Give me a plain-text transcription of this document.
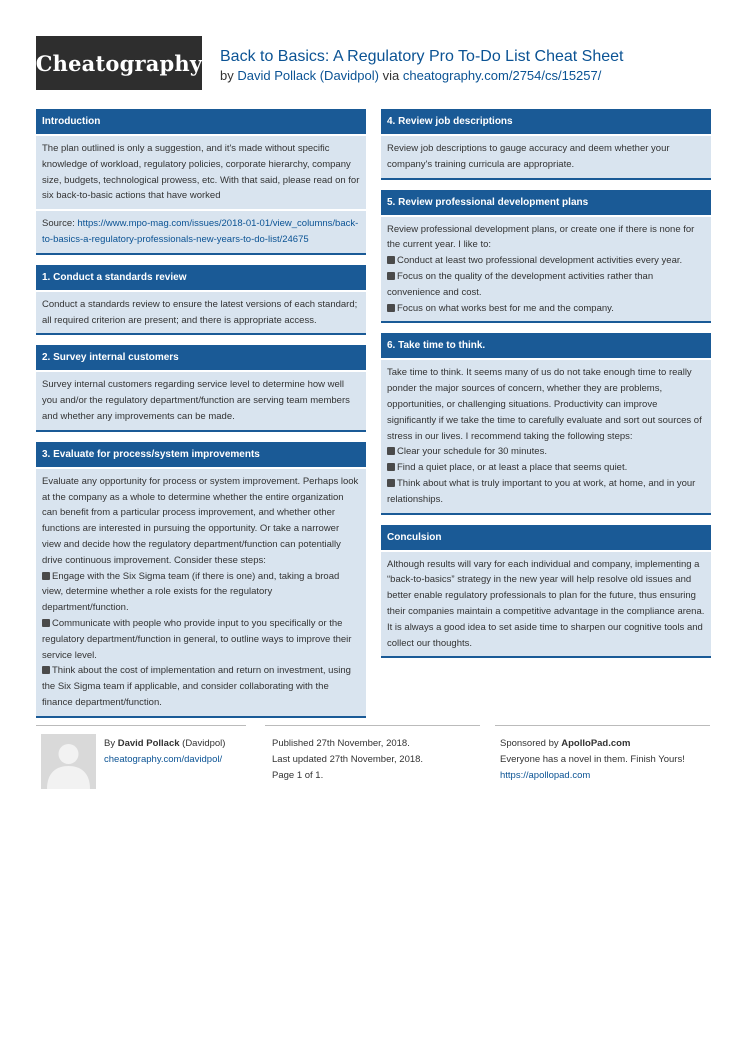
Cheatography Back to Basics: A Regulatory Pro To-Do List Cheat Sheet
by David Pollack (Davidpol) via cheatography.com/2754/cs/15257/
Introduction
The plan outlined is only a suggestion, and it's made without specific knowledge of workload, regulatory policies, corporate hierarchy, company size, budgets, technological prowess, etc. With that said, please read on for six back-to-basic actions that have worked
Source: https://www.mpo-mag.com/issues/2018-01-01/view_columns/back-to-basics-a-regulatory-professionals-new-years-to-do-list/24675
1. Conduct a standards review
Conduct a standards review to ensure the latest versions of each standard; all required criterion are present; and there is appropriate access.
2. Survey internal customers
Survey internal customers regarding service level to determine how well you and/or the regulatory department/function are serving team members and whether any improvements can be made.
3. Evaluate for process/system improvements
Evaluate any opportunity for process or system improvement. Perhaps look at the company as a whole to determine whether the entire organization can benefit from a particular process improvement, and whether other functions are interested in pursuing the opportunity. Or take a narrower view and decide how the regulatory department/function can potentially drive continuous improvement. Consider these steps:
Engage with the Six Sigma team (if there is one) and, taking a broad view, determine whether a role exists for the regulatory department/function.
Communicate with people who provide input to you specifically or the regulatory department/function in general, to outline ways to improve their service level.
Think about the cost of implementation and return on investment, using the Six Sigma team if applicable, and consider collaborating with the finance department/function.
4. Review job descriptions
Review job descriptions to gauge accuracy and deem whether your company's training curricula are appropriate.
5. Review professional development plans
Review professional development plans, or create one if there is none for the current year. I like to:
Conduct at least two professional development activities every year.
Focus on the quality of the development activities rather than convenience and cost.
Focus on what works best for me and the company.
6. Take time to think.
Take time to think. It seems many of us do not take enough time to really ponder the major sources of concern, whether they are problems, opportunities, or challenging situations. Productivity can improve significantly if we take the time to carefully evaluate and sort out sources of stress in our lives. I recommend taking the following steps:
Clear your schedule for 30 minutes.
Find a quiet place, or at least a place that seems quiet.
Think about what is truly important to you at work, at home, and in your relationships.
Conculsion
Although results will vary for each individual and company, implementing a “back-to-basics” strategy in the new year will help resolve old issues and better enable regulatory professionals to plan for the future, thus ensuring their companies maintain a competitive advantage in the compliance arena. It is always a good idea to set aside time to sharpen our cognitive tools and collect our thoughts.
By David Pollack (Davidpol)
cheatography.com/davidpol/
Published 27th November, 2018.
Last updated 27th November, 2018.
Page 1 of 1.
Sponsored by ApolloPad.com
Everyone has a novel in them. Finish Yours!
https://apollopad.com
